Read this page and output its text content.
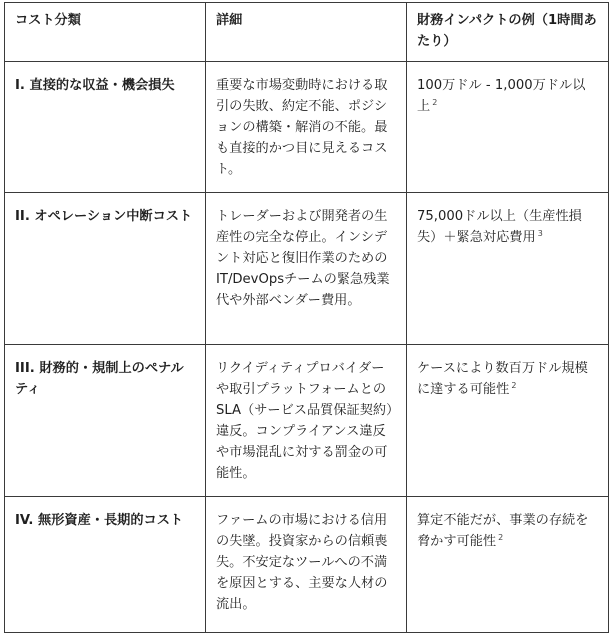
コスト分類	詳細	財務インパクトの例（1時間あたり）
I. 直接的な収益・機会損失	重要な市場変動時における取引の失敗、約定不能、ポジションの構築・解消の不能。最も直接的かつ目に見えるコスト。	100万ドル - 1,000万ドル以上 $^2$
II. オペレーション中断コスト	トレーダーおよび開発者の生産性の完全な停止。インシデント対応と復旧作業のためのIT/DevOpsチームの緊急残業代や外部ベンダー費用。	75,000ドル以上（生産性損失）＋緊急対応費用 $^3$
III. 財務的・規制上のペナルティ	リクイディティプロバイダーや取引プラットフォームとのSLA（サービス品質保証契約）違反。コンプライアンス違反や市場混乱に対する罰金の可能性。	ケースにより数百万ドル規模に達する可能性 $^2$
IV. 無形資産・長期的コスト	ファームの市場における信用の失墜。投資家からの信頼喪失。不安定なツールへの不満を原因とする、主要な人材の流出。	算定不能だが、事業の存続を脅かす可能性 $^2$
